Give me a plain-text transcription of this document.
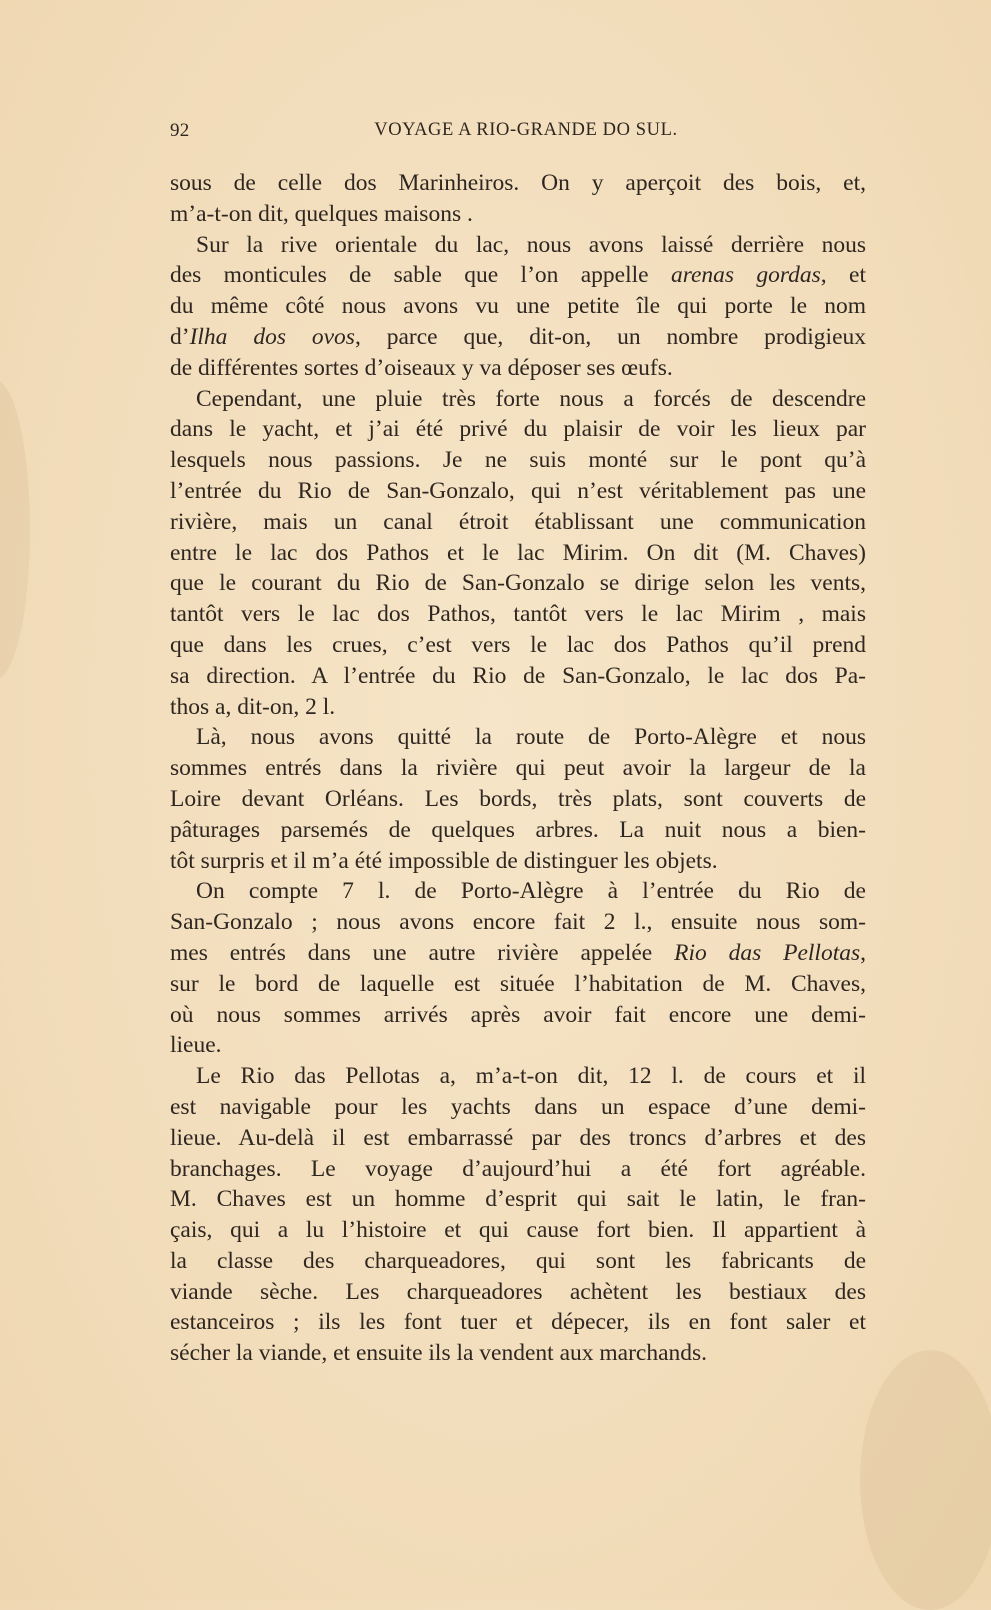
92	VOYAGE A RIO-GRANDE DO SUL.
sous de celle dos Marinheiros. On y aperçoit des bois, et,
m’a-t-on dit, quelques maisons .
Sur la rive orientale du lac, nous avons laissé derrière nous
des monticules de sable que l’on appelle arenas gordas, et
du même côté nous avons vu une petite île qui porte le nom
d’Ilha dos ovos, parce que, dit-on, un nombre prodigieux
de différentes sortes d’oiseaux y va déposer ses œufs.
Cependant, une pluie très forte nous a forcés de descendre
dans le yacht, et j’ai été privé du plaisir de voir les lieux par
lesquels nous passions. Je ne suis monté sur le pont qu’à
l’entrée du Rio de San-Gonzalo, qui n’est véritablement pas une
rivière, mais un canal étroit établissant une communication
entre le lac dos Pathos et le lac Mirim. On dit (M. Chaves)
que le courant du Rio de San-Gonzalo se dirige selon les vents,
tantôt vers le lac dos Pathos, tantôt vers le lac Mirim , mais
que dans les crues, c’est vers le lac dos Pathos qu’il prend
sa direction. A l’entrée du Rio de San-Gonzalo, le lac dos Pa-
thos a, dit-on, 2 l.
Là, nous avons quitté la route de Porto-Alègre et nous
sommes entrés dans la rivière qui peut avoir la largeur de la
Loire devant Orléans. Les bords, très plats, sont couverts de
pâturages parsemés de quelques arbres. La nuit nous a bien-
tôt surpris et il m’a été impossible de distinguer les objets.
On compte 7 l. de Porto-Alègre à l’entrée du Rio de
San-Gonzalo ; nous avons encore fait 2 l., ensuite nous som-
mes entrés dans une autre rivière appelée Rio das Pellotas,
sur le bord de laquelle est située l’habitation de M. Chaves,
où nous sommes arrivés après avoir fait encore une demi-
lieue.
Le Rio das Pellotas a, m’a-t-on dit, 12 l. de cours et il
est navigable pour les yachts dans un espace d’une demi-
lieue. Au-delà il est embarrassé par des troncs d’arbres et des
branchages. Le voyage d’aujourd’hui a été fort agréable.
M. Chaves est un homme d’esprit qui sait le latin, le fran-
çais, qui a lu l’histoire et qui cause fort bien. Il appartient à
la classe des charqueadores, qui sont les fabricants de
viande sèche. Les charqueadores achètent les bestiaux des
estanceiros ; ils les font tuer et dépecer, ils en font saler et
sécher la viande, et ensuite ils la vendent aux marchands.
